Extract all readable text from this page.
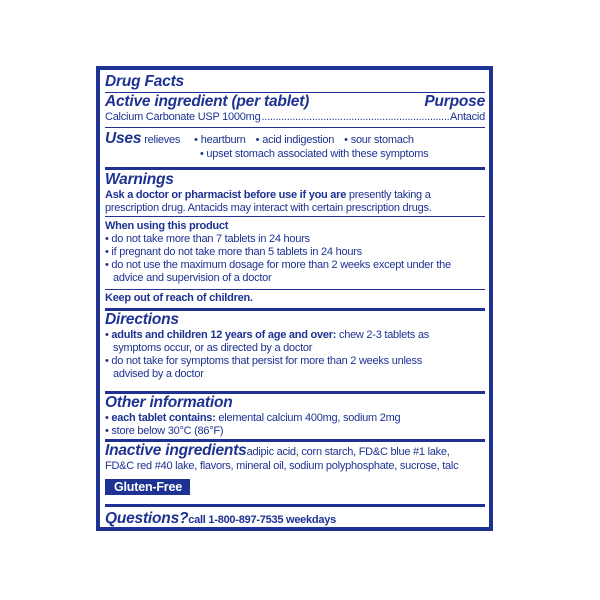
Drug Facts
Active ingredient (per tablet)	Purpose
Calcium Carbonate USP 1000mg
.....	Antacid
Uses relieves • heartburn • acid indigestion • sour stomach
• upset stomach associated with these symptoms
Warnings
Ask a doctor or pharmacist before use if you are presently taking a
prescription drug. Antacids may interact with certain prescription drugs.
When using this product
• do not take more than 7 tablets in 24 hours
• if pregnant do not take more than 5 tablets in 24 hours
• do not use the maximum dosage for more than 2 weeks except under the advice and supervision of a doctor
Keep out of reach of children.
Directions
• adults and children 12 years of age and over: chew 2-3 tablets as symptoms occur, or as directed by a doctor
• do not take for symptoms that persist for more than 2 weeks unless advised by a doctor
Other information
• each tablet contains: elemental calcium 400mg, sodium 2mg
• store below 30°C (86°F)
Inactive ingredients adipic acid, corn starch, FD&C blue #1 lake,
FD&C red #40 lake, flavors, mineral oil, sodium polyphosphate, sucrose, talc
Gluten-Free
Questions? call 1-800-897-7535 weekdays
